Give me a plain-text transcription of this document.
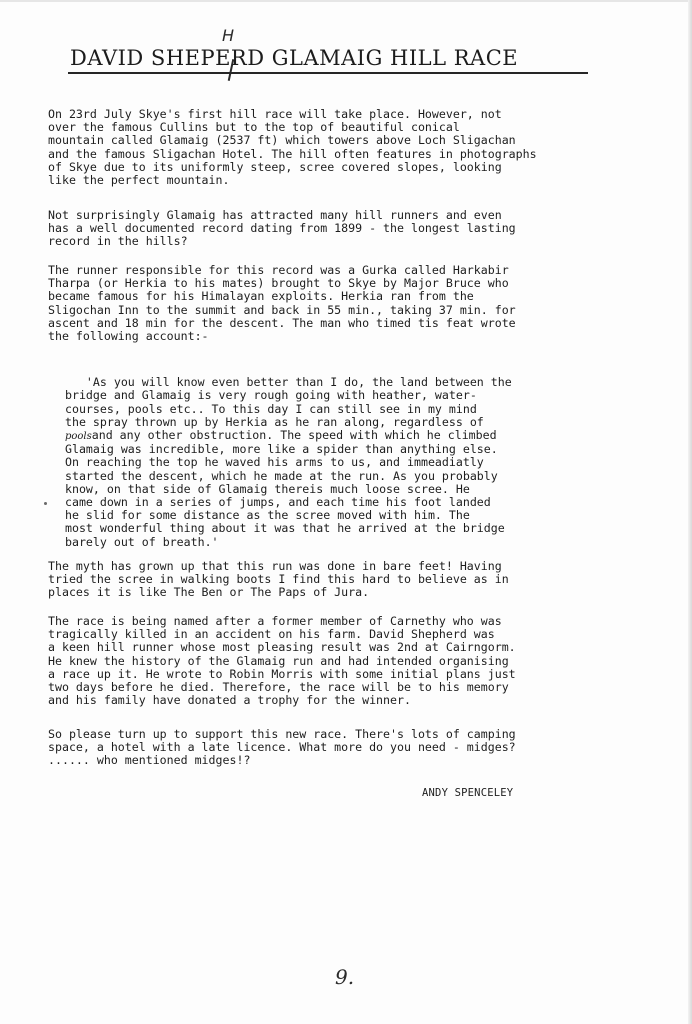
H
DAVID SHEPERD GLAMAIG HILL RACE

On 23rd July Skye's first hill race will take place. However, not
over the famous Cullins but to the top of beautiful conical
mountain called Glamaig (2537 ft) which towers above Loch Sligachan
and the famous Sligachan Hotel. The hill often features in photographs
of Skye due to its uniformly steep, scree covered slopes, looking
like the perfect mountain.

Not surprisingly Glamaig has attracted many hill runners and even
has a well documented record dating from 1899 - the longest lasting
record in the hills?

The runner responsible for this record was a Gurka called Harkabir
Tharpa (or Herkia to his mates) brought to Skye by Major Bruce who
became famous for his Himalayan exploits. Herkia ran from the
Sligochan Inn to the summit and back in 55 min., taking 37 min. for
ascent and 18 min for the descent. The man who timed tis feat wrote
the following account:-

'As you will know even better than I do, the land between the
bridge and Glamaig is very rough going with heather, water-
courses, pools etc.. To this day I can still see in my mind
the spray thrown up by Herkia as he ran along, regardless of
poolsand any other obstruction. The speed with which he climbed
Glamaig was incredible, more like a spider than anything else.
On reaching the top he waved his arms to us, and immeadiatly
started the descent, which he made at the run. As you probably
know, on that side of Glamaig thereis much loose scree. He
came down in a series of jumps, and each time his foot landed
he slid for some distance as the scree moved with him. The
most wonderful thing about it was that he arrived at the bridge
barely out of breath.'

The myth has grown up that this run was done in bare feet! Having
tried the scree in walking boots I find this hard to believe as in
places it is like The Ben or The Paps of Jura.

The race is being named after a former member of Carnethy who was
tragically killed in an accident on his farm. David Shepherd was
a keen hill runner whose most pleasing result was 2nd at Cairngorm.
He knew the history of the Glamaig run and had intended organising
a race up it. He wrote to Robin Morris with some initial plans just
two days before he died. Therefore, the race will be to his memory
and his family have donated a trophy for the winner.

So please turn up to support this new race. There's lots of camping
space, a hotel with a late licence. What more do you need - midges?
...... who mentioned midges!?

ANDY SPENCELEY
9.
